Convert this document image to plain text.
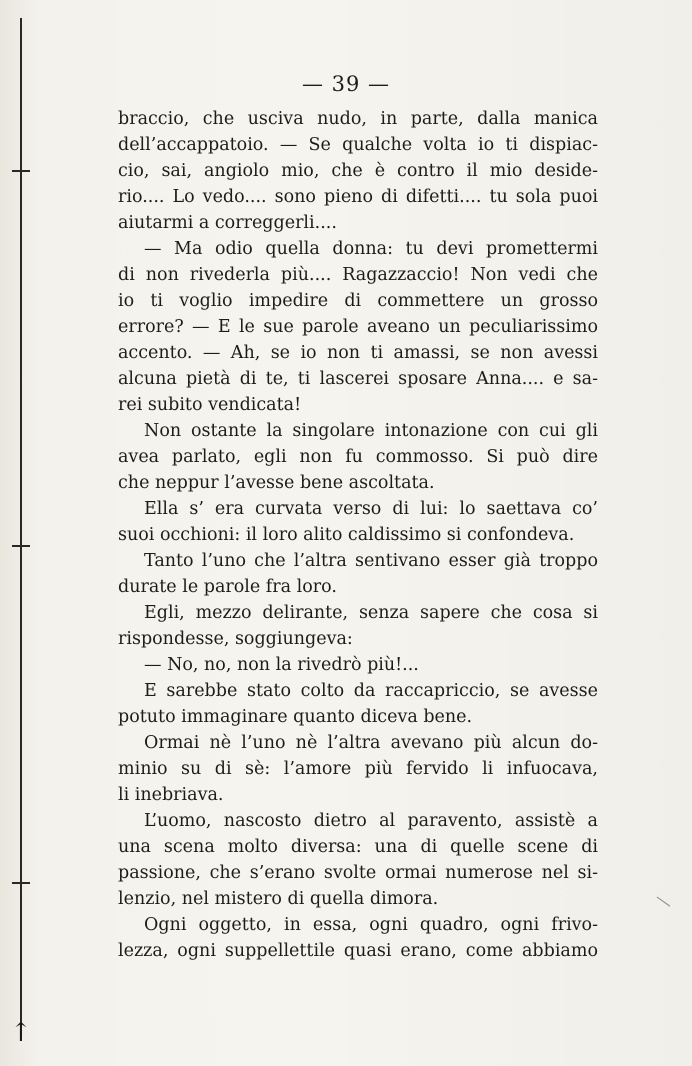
↑
— 39 —
braccio, che usciva nudo, in parte, dalla manica
dell’accappatoio. — Se qualche volta io ti dispiac-
cio, sai, angiolo mio, che è contro il mio deside-
rio.... Lo vedo.... sono pieno di difetti.... tu sola puoi
aiutarmi a correggerli....
— Ma odio quella donna: tu devi promettermi
di non rivederla più.... Ragazzaccio! Non vedi che
io ti voglio impedire di commettere un grosso
errore? — E le sue parole aveano un peculiarissimo
accento. — Ah, se io non ti amassi, se non avessi
alcuna pietà di te, ti lascerei sposare Anna.... e sa-
rei subito vendicata!
Non ostante la singolare intonazione con cui gli
avea parlato, egli non fu commosso. Si può dire
che neppur l’avesse bene ascoltata.
Ella s’ era curvata verso di lui: lo saettava co’
suoi occhioni: il loro alito caldissimo si confondeva.
Tanto l’uno che l’altra sentivano esser già troppo
durate le parole fra loro.
Egli, mezzo delirante, senza sapere che cosa si
rispondesse, soggiungeva:
— No, no, non la rivedrò più!...
E sarebbe stato colto da raccapriccio, se avesse
potuto immaginare quanto diceva bene.
Ormai nè l’uno nè l’altra avevano più alcun do-
minio su di sè: l’amore più fervido li infuocava,
li inebriava.
L’uomo, nascosto dietro al paravento, assistè a
una scena molto diversa: una di quelle scene di
passione, che s’erano svolte ormai numerose nel si-
lenzio, nel mistero di quella dimora.
Ogni oggetto, in essa, ogni quadro, ogni frivo-
lezza, ogni suppellettile quasi erano, come abbiamo
